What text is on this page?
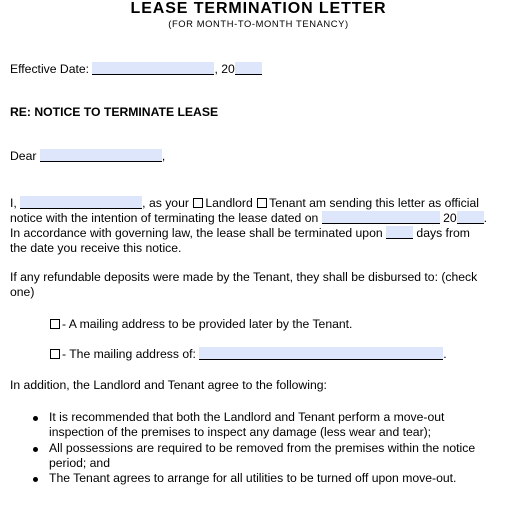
LEASE TERMINATION LETTER
(FOR MONTH-TO-MONTH TENANCY)
Effective Date:	, 20
RE: NOTICE TO TERMINATE LEASE
Dear	,
I,	, as your Landlord Tenant am sending this letter as official
notice with the intention of terminating the lease dated on	20 .
In accordance with governing law, the lease shall be terminated upon	days from
the date you receive this notice.
If any refundable deposits were made by the Tenant, they shall be disbursed to: (check
one)
- A mailing address to be provided later by the Tenant.
- The mailing address of:	.
In addition, the Landlord and Tenant agree to the following:
It is recommended that both the Landlord and Tenant perform a move-out
inspection of the premises to inspect any damage (less wear and tear);
All possessions are required to be removed from the premises within the notice
period; and
The Tenant agrees to arrange for all utilities to be turned off upon move-out.
